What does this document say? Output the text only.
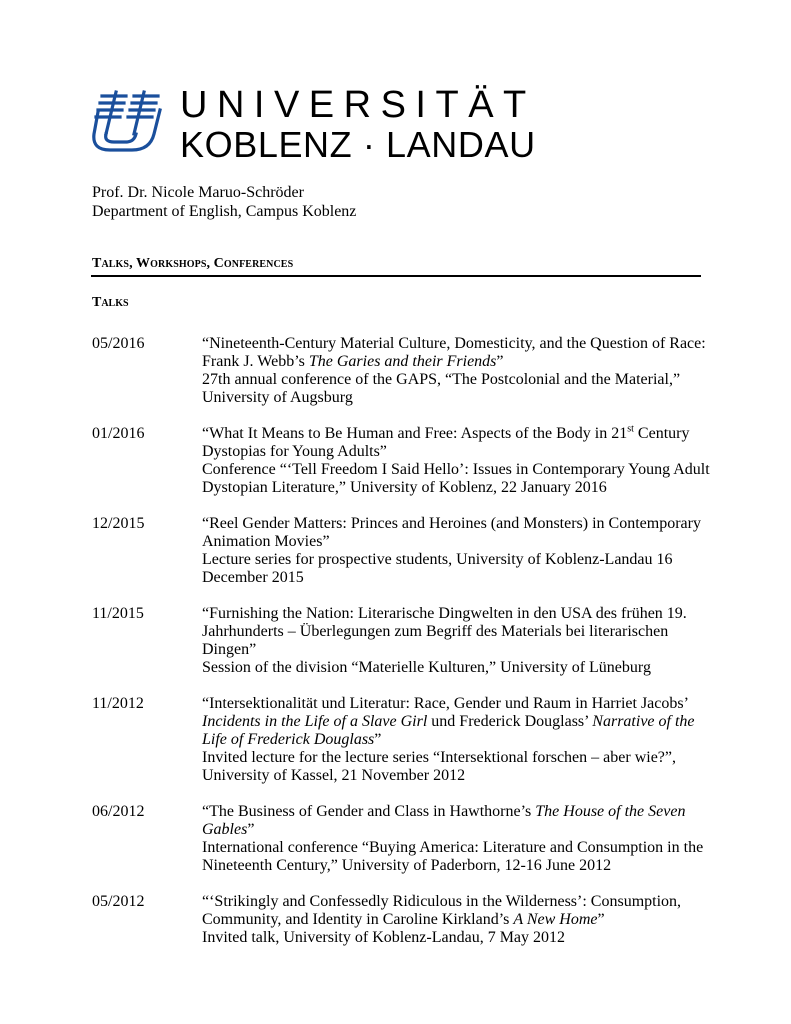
UNIVERSITÄT
KOBLENZ · LANDAU
Prof. Dr. Nicole Maruo-Schröder
Department of English, Campus Koblenz
Talks, Workshops, Conferences
Talks
05/2016	“Nineteenth-Century Material Culture, Domesticity, and the Question of Race: Frank J. Webb’s The Garies and their Friends”
27th annual conference of the GAPS, “The Postcolonial and the Material,” University of Augsburg
01/2016	“What It Means to Be Human and Free: Aspects of the Body in 21st Century Dystopias for Young Adults”
Conference “‘Tell Freedom I Said Hello’: Issues in Contemporary Young Adult Dystopian Literature,” University of Koblenz, 22 January 2016
12/2015	“Reel Gender Matters: Princes and Heroines (and Monsters) in Contemporary Animation Movies”
Lecture series for prospective students, University of Koblenz-Landau 16 December 2015
11/2015	“Furnishing the Nation: Literarische Dingwelten in den USA des frühen 19. Jahrhunderts – Überlegungen zum Begriff des Materials bei literarischen Dingen”
Session of the division “Materielle Kulturen,” University of Lüneburg
11/2012	“Intersektionalität und Literatur: Race, Gender und Raum in Harriet Jacobs’ Incidents in the Life of a Slave Girl und Frederick Douglass’ Narrative of the Life of Frederick Douglass”
Invited lecture for the lecture series “Intersektional forschen – aber wie?”, University of Kassel, 21 November 2012
06/2012	“The Business of Gender and Class in Hawthorne’s The House of the Seven Gables”
International conference “Buying America: Literature and Consumption in the Nineteenth Century,” University of Paderborn, 12-16 June 2012
05/2012	“‘Strikingly and Confessedly Ridiculous in the Wilderness’: Consumption, Community, and Identity in Caroline Kirkland’s A New Home”
Invited talk, University of Koblenz-Landau, 7 May 2012
